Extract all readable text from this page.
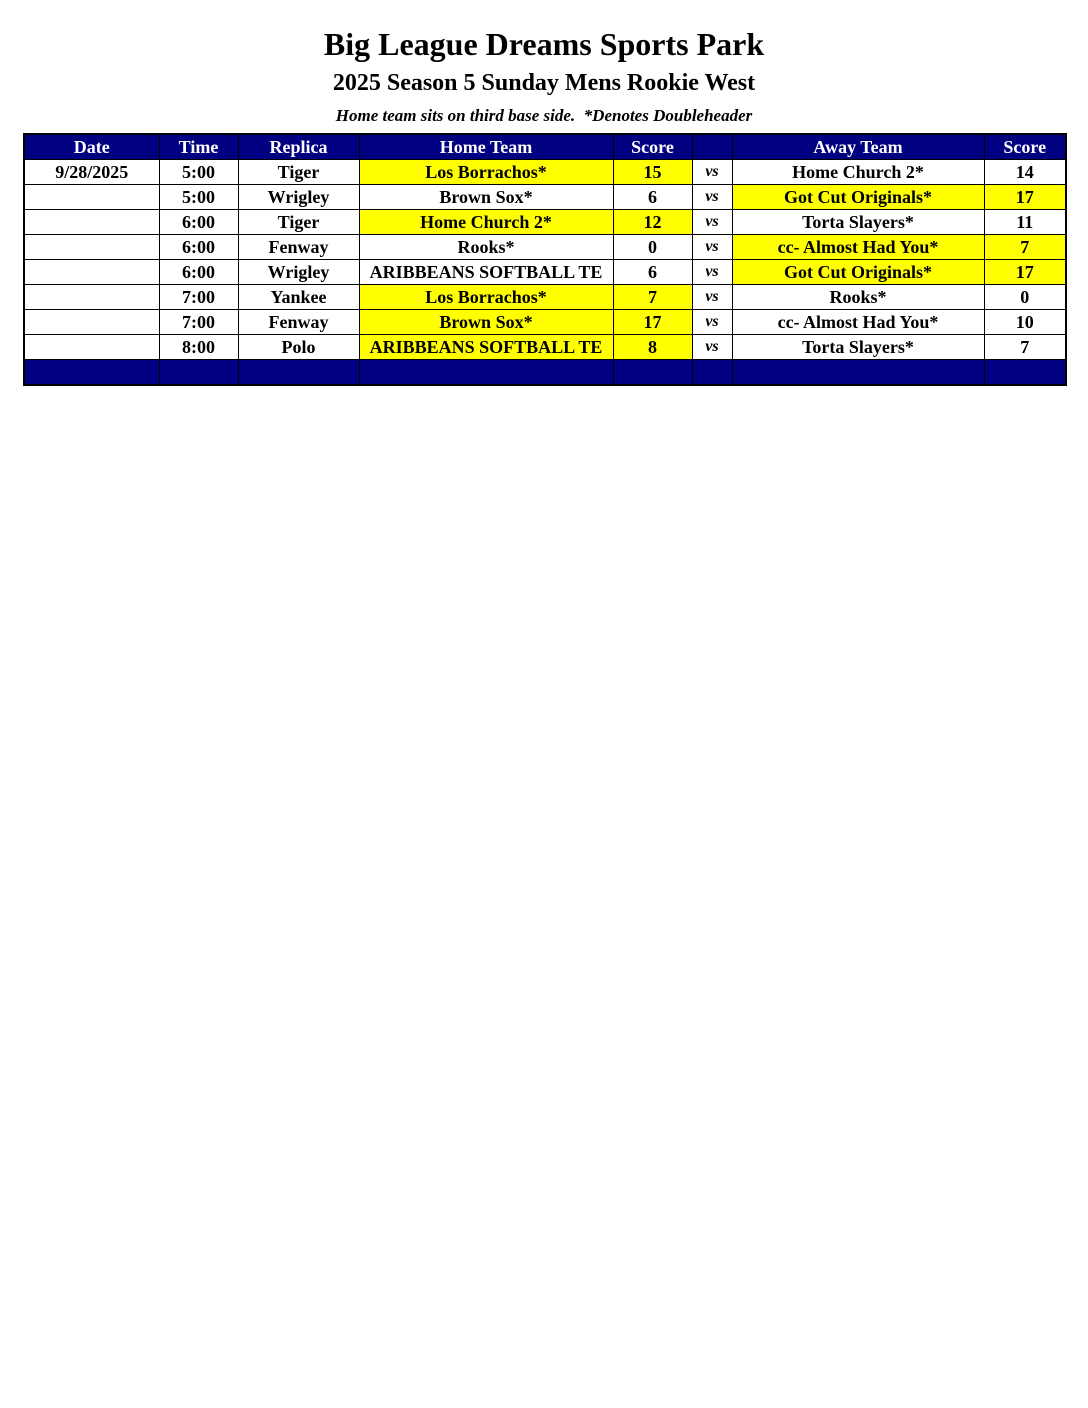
Big League Dreams Sports Park
2025 Season 5 Sunday Mens Rookie West
Home team sits on third base side.  *Denotes Doubleheader
Date	Time	Replica	Home Team	Score		Away Team	Score
9/28/2025	5:00	Tiger	Los Borrachos*	15	vs	Home Church 2*	14
	5:00	Wrigley	Brown Sox*	6	vs	Got Cut Originals*	17
	6:00	Tiger	Home Church 2*	12	vs	Torta Slayers*	11
	6:00	Fenway	Rooks*	0	vs	cc- Almost Had You*	7
	6:00	Wrigley	ARIBBEANS SOFTBALL TE	6	vs	Got Cut Originals*	17
	7:00	Yankee	Los Borrachos*	7	vs	Rooks*	0
	7:00	Fenway	Brown Sox*	17	vs	cc- Almost Had You*	10
	8:00	Polo	ARIBBEANS SOFTBALL TE	8	vs	Torta Slayers*	7
